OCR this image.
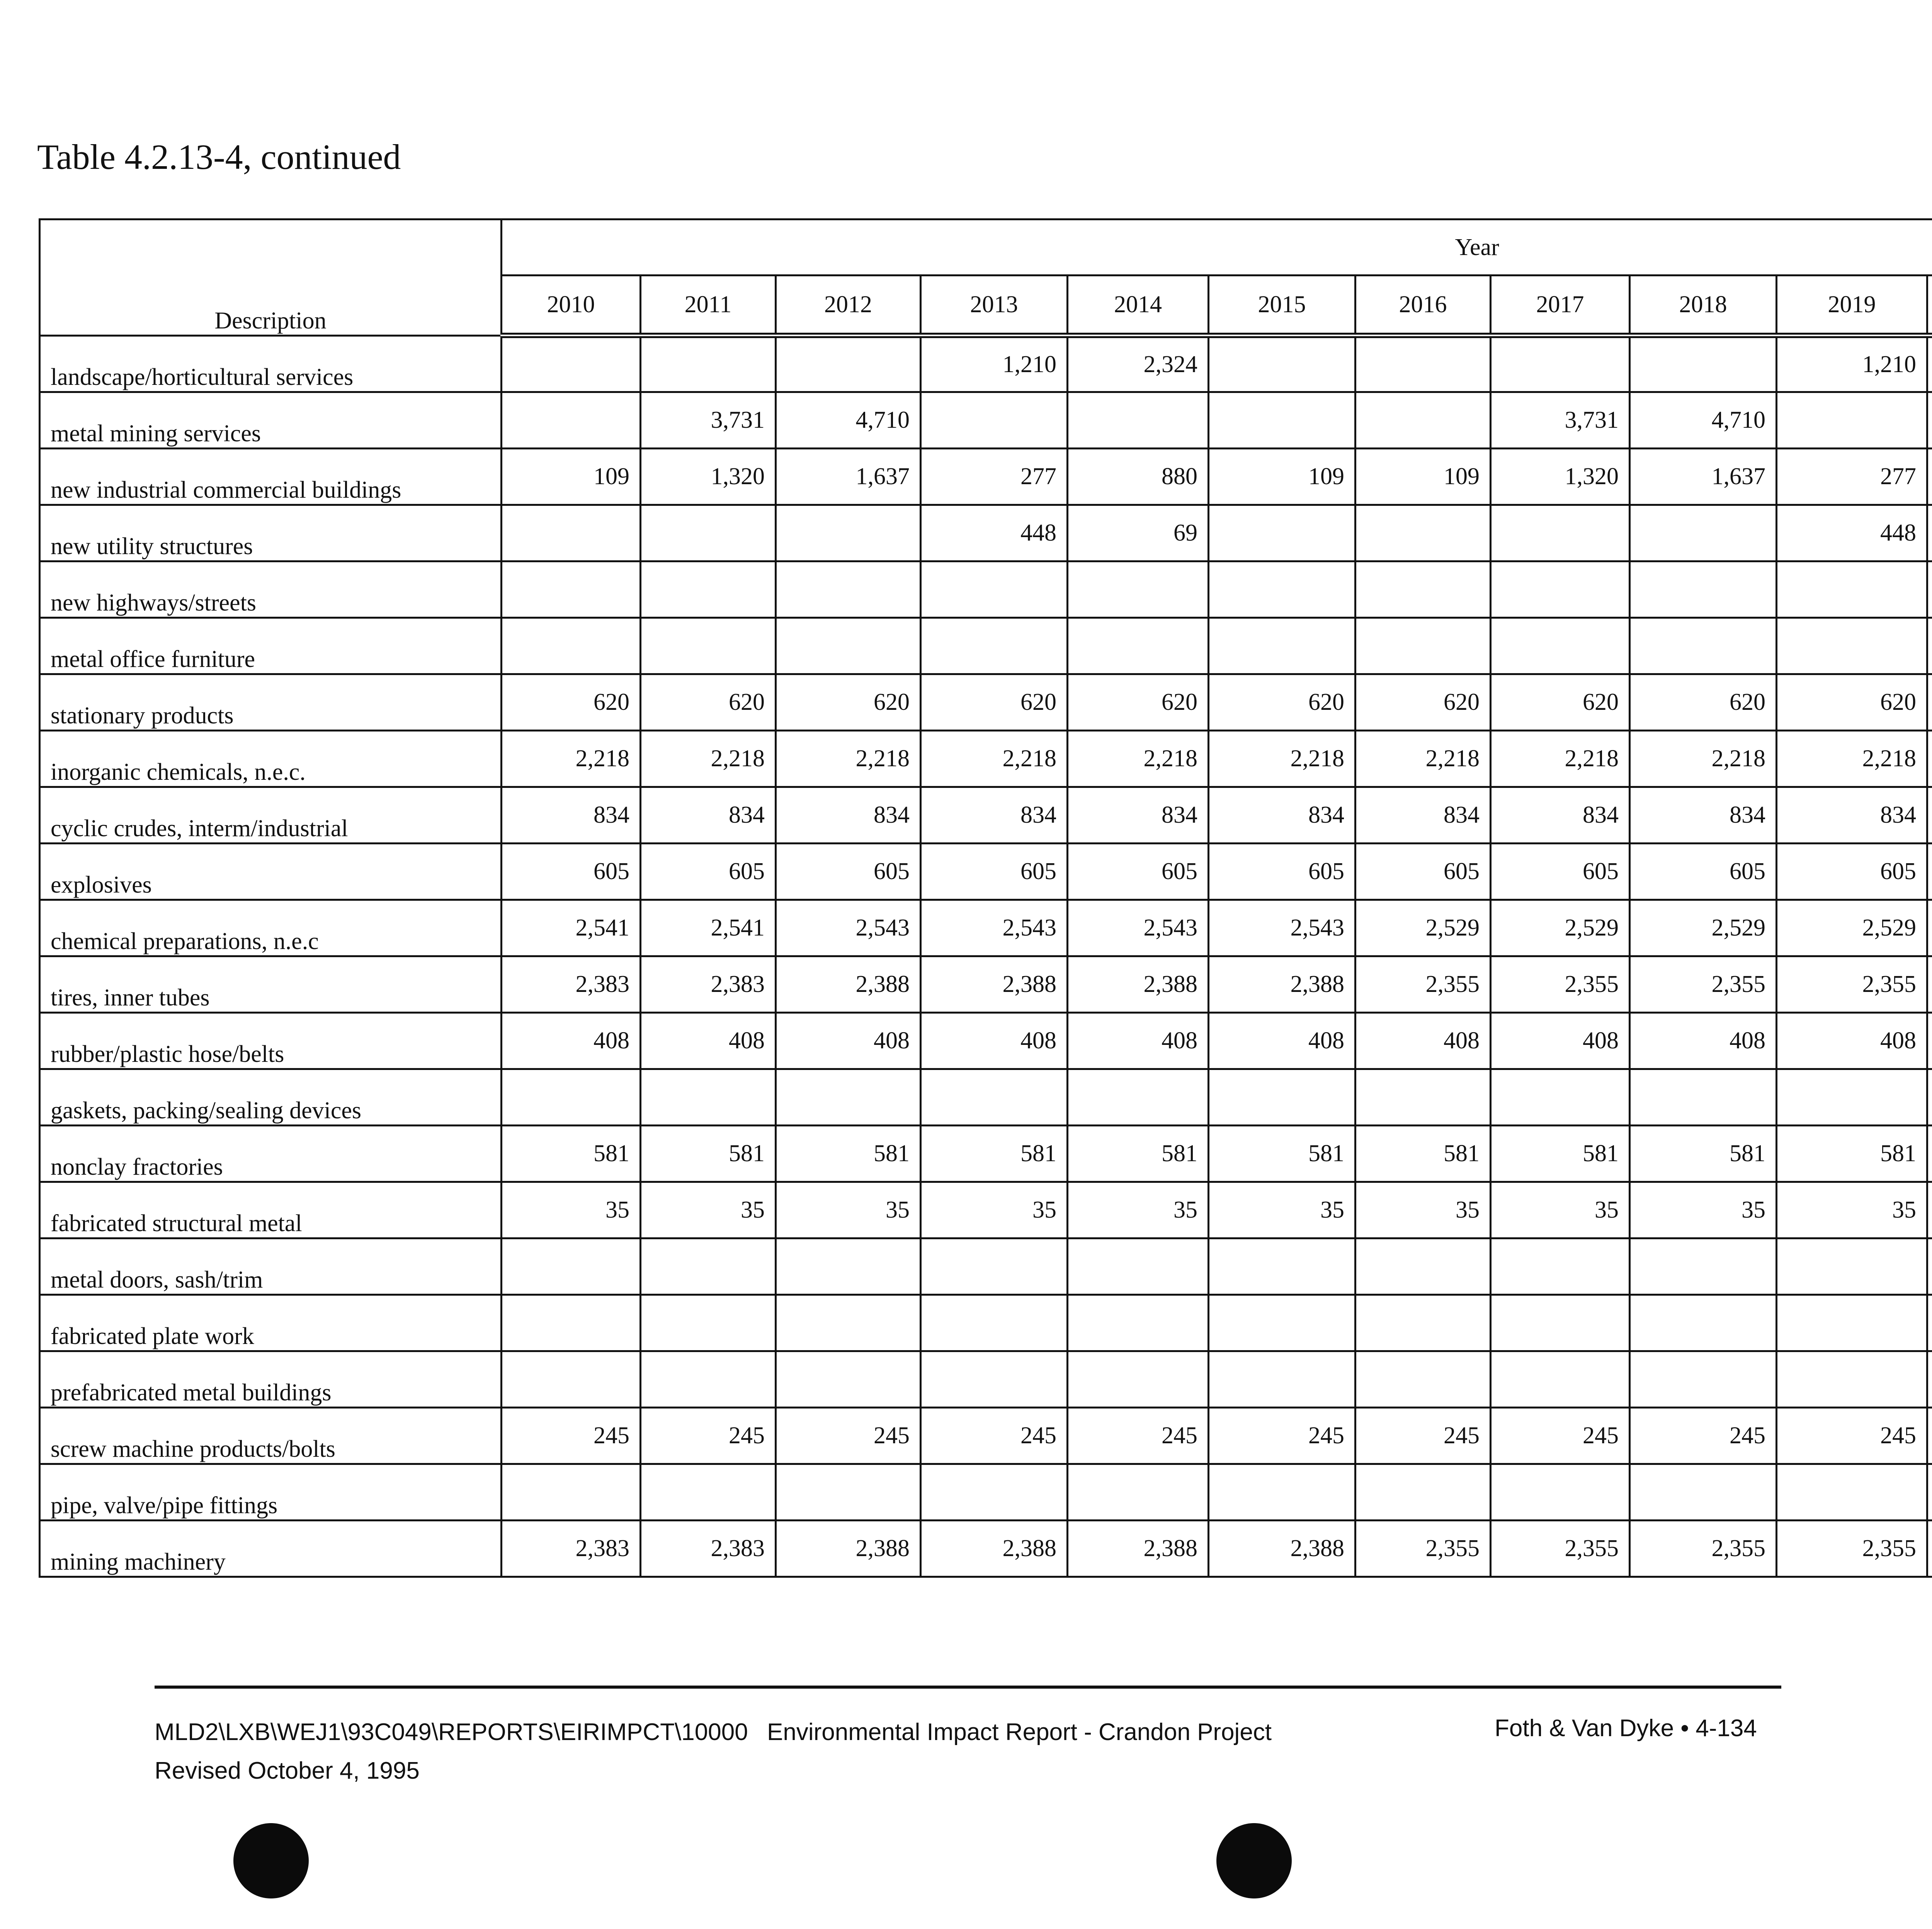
Table 4.2.13-4, continued
Description	Year													
	2010	2011	2012	2013	2014	2015	2016	2017	2018	2019				
landscape/horticultural services				1,210	2,324					1,210				
metal mining services		3,731	4,710					3,731	4,710					
new industrial commercial buildings	109	1,320	1,637	277	880	109	109	1,320	1,637	277				
new utility structures				448	69					448				
new highways/streets														
metal office furniture														
stationary products	620	620	620	620	620	620	620	620	620	620				
inorganic chemicals, n.e.c.	2,218	2,218	2,218	2,218	2,218	2,218	2,218	2,218	2,218	2,218				
cyclic crudes, interm/industrial	834	834	834	834	834	834	834	834	834	834				
explosives	605	605	605	605	605	605	605	605	605	605				
chemical preparations, n.e.c	2,541	2,541	2,543	2,543	2,543	2,543	2,529	2,529	2,529	2,529				
tires, inner tubes	2,383	2,383	2,388	2,388	2,388	2,388	2,355	2,355	2,355	2,355				
rubber/plastic hose/belts	408	408	408	408	408	408	408	408	408	408				
gaskets, packing/sealing devices														
nonclay fractories	581	581	581	581	581	581	581	581	581	581				
fabricated structural metal	35	35	35	35	35	35	35	35	35	35				
metal doors, sash/trim														
fabricated plate work														
prefabricated metal buildings														
screw machine products/bolts	245	245	245	245	245	245	245	245	245	245				
pipe, valve/pipe fittings														
mining machinery	2,383	2,383	2,388	2,388	2,388	2,388	2,355	2,355	2,355	2,355				
MLD2\LXB\WEJ1\93C049\REPORTS\EIRIMPCT\10000 Environmental Impact Report - Crandon Project
Revised October 4, 1995
Foth & Van Dyke • 4-134
